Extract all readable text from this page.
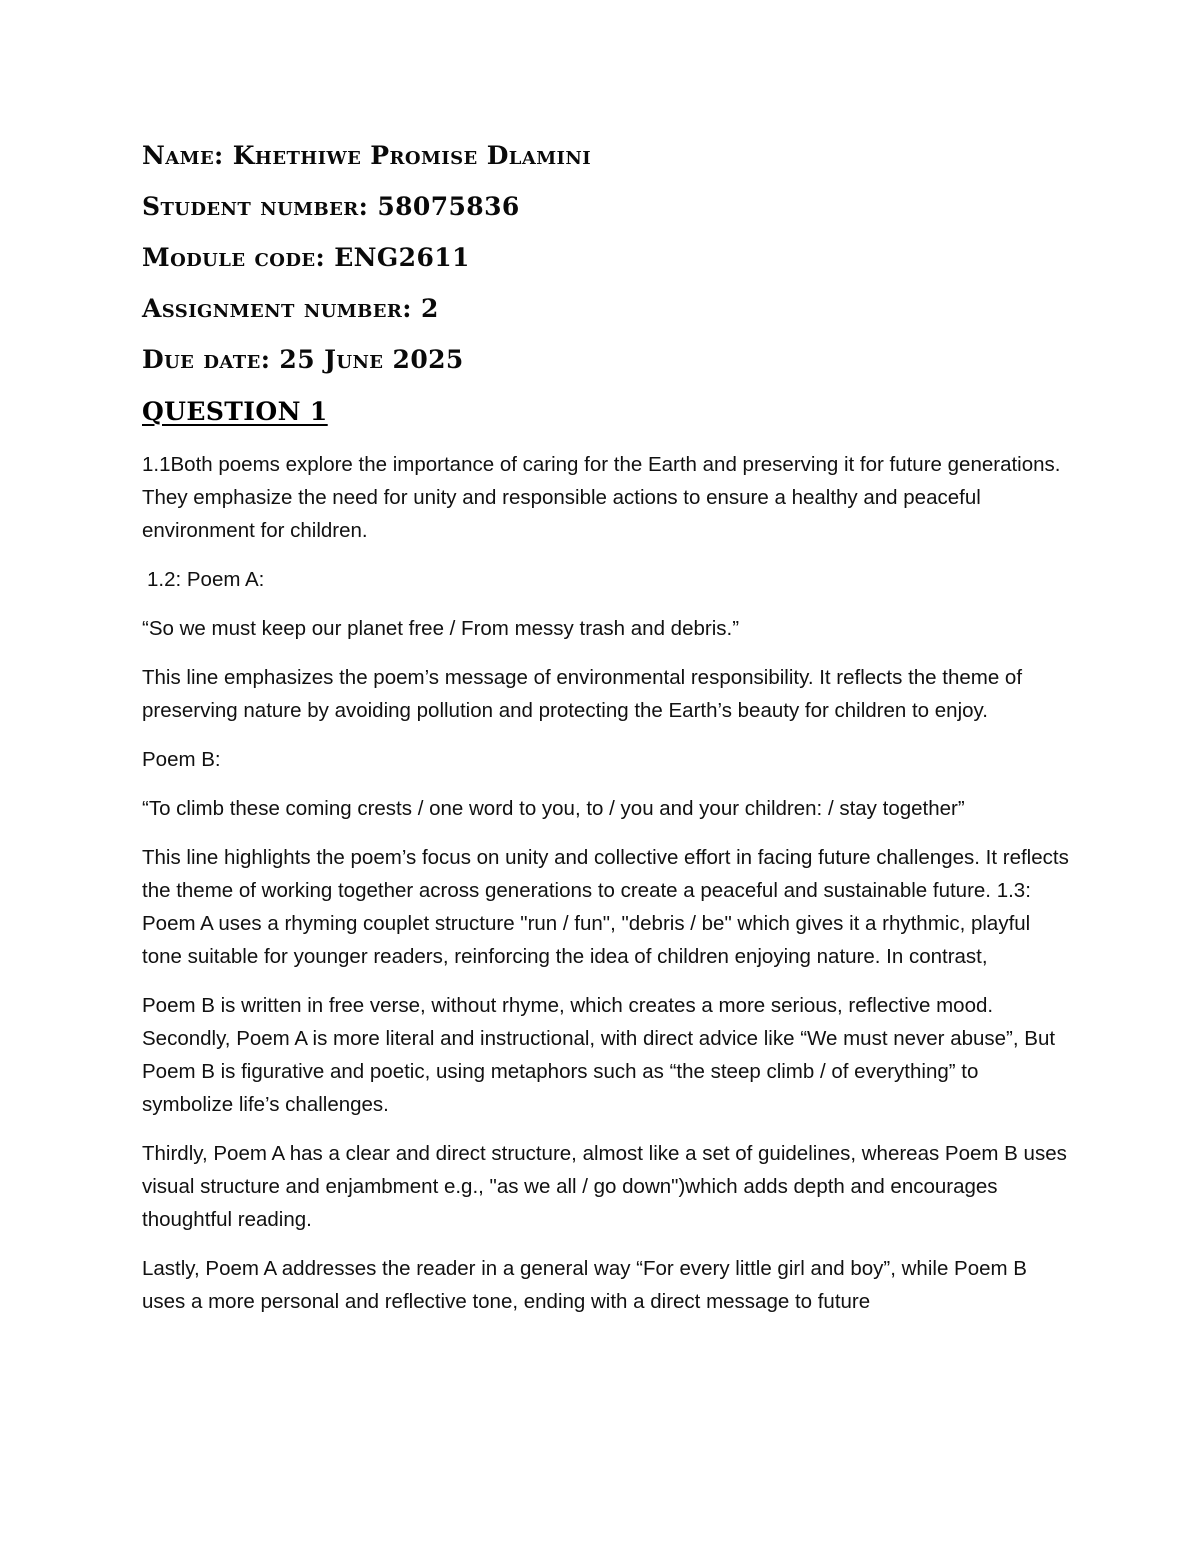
Name: Khethiwe Promise Dlamini
Student number: 58075836
Module code: ENG2611
Assignment number: 2
Due date: 25 June 2025
QUESTION 1

1.1Both poems explore the importance of caring for the Earth and preserving it for future generations. They emphasize the need for unity and responsible actions to ensure a healthy and peaceful environment for children.

1.2: Poem A:

“So we must keep our planet free / From messy trash and debris.”

This line emphasizes the poem’s message of environmental responsibility. It reflects the theme of preserving nature by avoiding pollution and protecting the Earth’s beauty for children to enjoy.

Poem B:

“To climb these coming crests / one word to you, to / you and your children: / stay together”

This line highlights the poem’s focus on unity and collective effort in facing future challenges. It reflects the theme of working together across generations to create a peaceful and sustainable future. 1.3: Poem A uses a rhyming couplet structure "run / fun", "debris / be" which gives it a rhythmic, playful tone suitable for younger readers, reinforcing the idea of children enjoying nature. In contrast,

Poem B is written in free verse, without rhyme, which creates a more serious, reflective mood. Secondly, Poem A is more literal and instructional, with direct advice like “We must never abuse”, But Poem B is figurative and poetic, using metaphors such as “the steep climb / of everything” to symbolize life’s challenges.

Thirdly, Poem A has a clear and direct structure, almost like a set of guidelines, whereas Poem B uses visual structure and enjambment e.g., "as we all / go down")which adds depth and encourages thoughtful reading.

Lastly, Poem A addresses the reader in a general way “For every little girl and boy”, while Poem B uses a more personal and reflective tone, ending with a direct message to future
